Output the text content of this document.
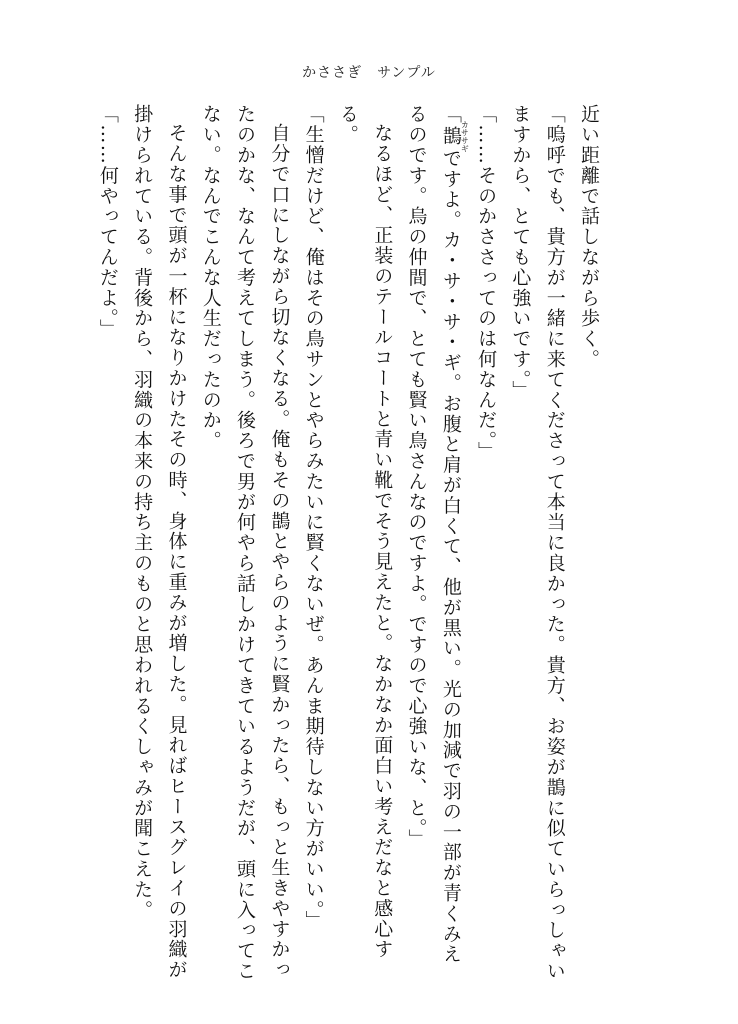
かささぎ　サンプル
近い距離で話しながら歩く。
「嗚呼でも、貴方が一緒に来てくださって本当に良かった。貴方、お姿が鵲に似ていらっしゃいますから、とても心強いです。」
「……そのかささってのは何なんだ。」
「鵲カササギですよ。カ・サ・サ・ギ。お腹と肩が白くて、他が黒い。光の加減で羽の一部が青くみえるのです。烏の仲間で、とても賢い鳥さんなのですよ。ですので心強いな、と。」
なるほど、正装のテールコートと青い靴でそう見えたと。なかなか面白い考えだなと感心する。
「生憎だけど、俺はその鳥サンとやらみたいに賢くないぜ。あんま期待しない方がいい。」
自分で口にしながら切なくなる。俺もその鵲とやらのように賢かったら、もっと生きやすかったのかな、なんて考えてしまう。後ろで男が何やら話しかけてきているようだが、頭に入ってこない。なんでこんな人生だったのか。
そんな事で頭が一杯になりかけたその時、身体に重みが増した。見ればヒースグレイの羽織が掛けられている。背後から、羽織の本来の持ち主のものと思われるくしゃみが聞こえた。
「……何やってんだよ。」
